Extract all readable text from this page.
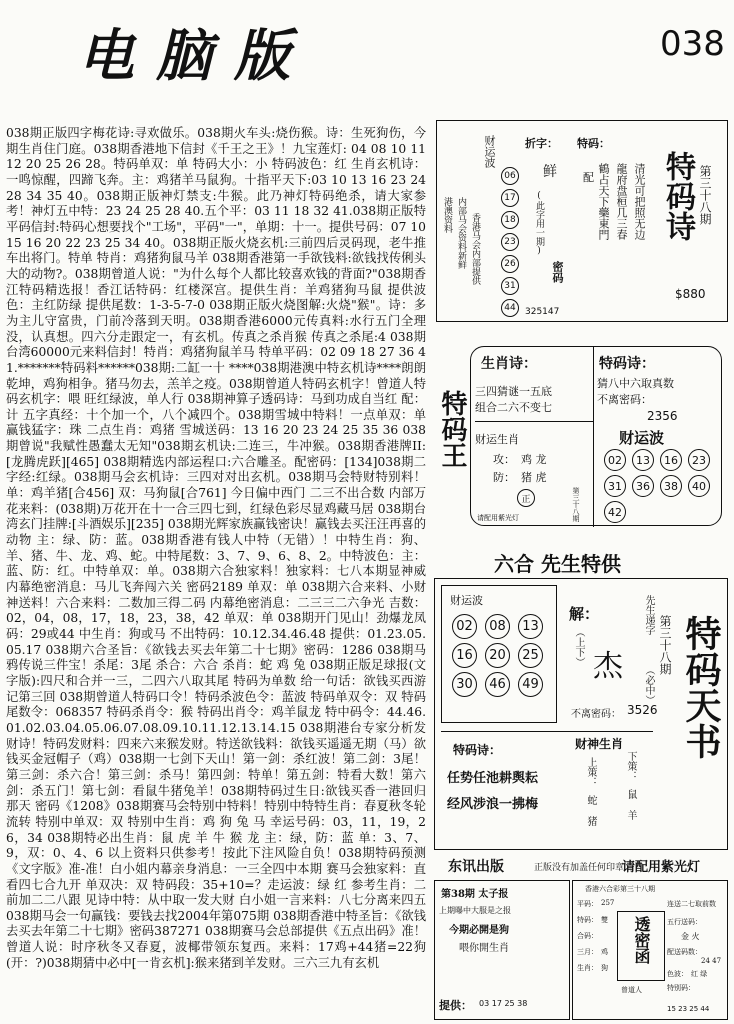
电脑版	038

038期正版四字梅花诗:寻欢做乐。038期火车头:烧伤猴。诗：生死狗伤，今期生肖住门庭。038期香港地下信封《千王之王》！九宝莲灯: 04 08 10 11 12 20 25 26 28。特码单双：单 特码大小：小 特码波色：红 生肖玄机诗：一鸣惊醒，四蹄飞奔。主：鸡猪羊马鼠狗。十指平天下:03 10 13 16 23 24 28 34 35 40。038期正版神灯禁支:牛猴。此乃神灯特码绝杀，请大家参考！神灯五中特：23 24 25 28 40.五个平：03 11 18 32 41.038期正版特平码信封:特码心想要找个"工场"，平码"一"，单期：十一。提供号码：07 10 15 16 20 22 23 25 34 40。038期正版火烧玄机:三前四后灵码现，老牛推车出将门。特单 特肖：鸡猪狗鼠马羊 038期香港第一手欲钱料:欲钱找传俐头大的动物?。038期曾道人说："为什么每个人都比较喜欢钱的背面?"038期香江特码精选报！香江话特码：红楼深宫。提供生肖：羊鸡猪狗马鼠 提供波色：主红防绿 提供尾数：1-3-5-7-0 038期正版火烧图解:火烧"猴"。诗：多为主儿守富贵，门前冷落到天明。038期香港6000元传真料:水行五门全理没，认真想。四六分走跟定一，有玄机。传真之杀肖猴 传真之杀尾:4 038期台湾60000元来料信封！特肖：鸡猪狗鼠羊马 特单平码：02 09 18 27 36 41.*******特码料******038期:二缸一十 ****038期港澳中特玄机诗****朗朗乾坤，鸡狗相争。猪马勿去，羔羊之疫。038期曾道人特码玄机字！曾道人特码玄机字：喂 旺红绿波，单人行 038期神算子透码诗：马到功成自当红 配：计 五字真经：十个加一个，八个减四个。038期雪城中特料！一点单双：单 赢钱猛字：珠 二点生肖：鸡猪 雪城送码：13 16 20 23 24 25 35 36 038期曾说"我赋性愚蠢太无知"038期玄机诀:二连三，牛冲猴。038期香港牌II:[龙腾虎跃][465] 038期精选内部运程口:六合雕圣。配密码：[134]038期二字经:红绿。038期马会玄机诗：三四对对出玄机。038期马会特财特别料！单：鸡羊猪[合456] 双：马狗鼠[合761] 今日偏中西门 二三不出合数 内部万花来料：(038期)万花开在十一合三四七到，红绿色彩尽显鸡藏马居 038期台湾玄门挂牌:[斗酒娱乐][235] 038期光辉家族赢钱密诀！赢钱去买汪汪再喜的动物 主：绿、防：蓝。038期香港有钱人中特（无错）！中特生肖：狗、羊、猪、牛、龙、鸡、蛇。中特尾数：3、7、9、6、8、2。中特波色：主：蓝、防：红。中特单双：单。038期六合独家料！独家料：七八本期显神威 内幕绝密消息：马儿飞奔闯六关 密码2189 单双：单 038期六合来料、小财神送料！六合来料：二数加三得二码 内幕绝密消息：二三三二六争光 吉数：02，04，08，17，18，23，38，42 单双：单 038期开门见山！劲爆龙凤码：29或44 中生肖：狗或马 不出特码：10.12.34.46.48 提供：01.23.05.05.17 038期六合圣旨：《欲钱去买去年第二十七期》密码：1286 038期马鸦传说三件宝！杀尾：3尾 杀合：六合 杀肖：蛇 鸡 兔 038期正版足球报(文字版):四尺和合并一三，二四六八取其尾 特码为单数 给一句话：欲钱买西游记第三回 038期曾道人特码口令！特码杀波色令：蓝波 特码单双令：双 特码尾数令：068357 特码杀肖令：猴 特码出肖令：鸡羊鼠龙 特中码令：44.46.01.02.03.04.05.06.07.08.09.10.11.12.13.14.15 038期港台专家分析发财诗！特码发财料：四来六来猴发财。特送欲钱料：欲钱买遥遥无期（马）欲钱买金冠帽子（鸡）038期一七剑下天山！第一剑：杀红波！第二剑：3尾！第三剑：杀六合！第三剑：杀马！第四剑：特单！第五剑：特看大数！第六剑：杀五门！第七剑：看鼠牛猪兔羊！038期特码过生日:欲钱买香一港回归那天 密码《1208》038期赛马会特别中特料！特别中特特生肖：春夏秋冬轮流转 特别中单双：双 特别中生肖：鸡 狗 兔 马 幸运号码：03，11，19，26，34 038期特必出生肖：鼠 虎 羊 牛 猴 龙 主：绿，防：蓝 单：3、7、9，双：0、4、6 以上资料只供参考！按此下注风险自负！038期特码预测《文字版》准-准！白小姐内幕亲身消息：一三全四中本期 赛马会独家料：直看四七合九开 单双决：双 特码段：35+10=？走运波：绿 红 参考生肖：二前加二二八跟 见诗中特：从中取一发大财 白小姐一言来料：八七分离来四五 038期马会一句赢钱：要钱去找2004年第075期 038期香港中特圣旨：《欲钱去买去年第二十七期》密码387271 038期赛马会总部提供《五点出码》准！曾道人说：时序秋冬又春夏，波椰带领东复西。来料：17鸡+44猪=22狗(开：?)038期猜中必中[一肯玄机]:猴来猪到羊发财。三六三九有玄机

港澳资料 内部马会资料新鲜
财运波
06
17
18
23
26
31
44
香港马会内部提供
折字：
鲜 配
(此字用一期)
密码
325147
特码：
清光可把照无边
龍府盘桓几三春
鶴占天下藥東門 特码诗 第三十八期
$880
特码王
生肖诗：
三四猜谜一五底
组合二六不变七
财运生肖
攻： 鸡 龙
防： 猪 虎
正	第三十八期
请配用紫光灯
特码诗：
猜八中六取真数
不离密码：
2356
财运波
02	13	16	23
31	36	38	40
42
六合 先生特供
财运波
02	08	13
16	20	25
30	46	49
解：
（上下） 杰
先生递字
（必中）
不离密码： 3526
特码诗：
任势任池耕舆耘
经风涉浪一拂梅
财神生肖
上策：
蛇 猪
下策：
鼠 羊
第三十八期 特码天书
东讯出版	正版没有加盖任何印章
请配用紫光灯
第38期 太子报
上期曝中大服是之报
今期必開是狗
喂你開生肖
提供： 03 17 25 38
香港六合彩第三十八期
平码： 257
特码： 雙
合码：
三月： 鸡
生肖： 狗
透密函
曾道人
连送二七取前数
五行送码：
金 火
配送码数：
24 47
色波： 红 绿
特别码：
15 23 25 44
